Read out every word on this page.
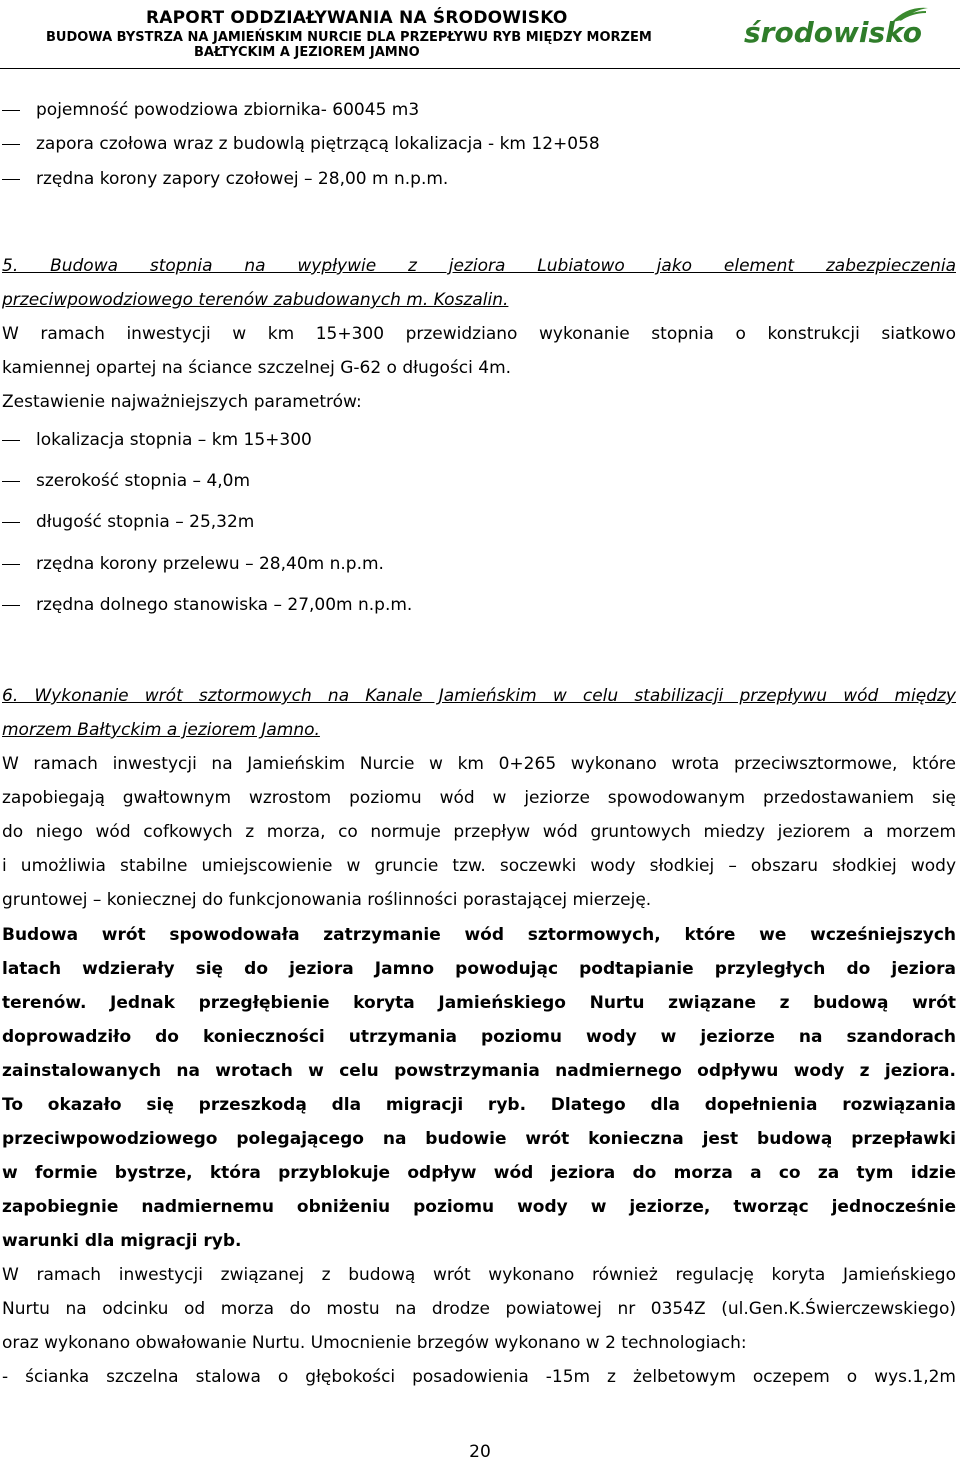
RAPORT ODDZIAŁYWANIA NA ŚRODOWISKO
BUDOWA BYSTRZA NA JAMIEŃSKIM NURCIE DLA PRZEPŁYWU RYB MIĘDZY MORZEM
BAŁTYCKIM A JEZIOREM JAMNO
środowisko
pojemność powodziowa zbiornika- 60045 m3
zapora czołowa wraz z budowlą piętrzącą lokalizacja - km 12+058
rzędna korony zapory czołowej – 28,00 m n.p.m.
5. Budowa stopnia na wypływie z jeziora Lubiatowo jako element zabezpieczenia
przeciwpowodziowego terenów zabudowanych m. Koszalin.
W ramach inwestycji w km 15+300 przewidziano wykonanie stopnia o konstrukcji siatkowo
kamiennej opartej na ściance szczelnej G-62 o długości 4m.
Zestawienie najważniejszych parametrów:
lokalizacja stopnia – km 15+300
szerokość stopnia – 4,0m
długość stopnia – 25,32m
rzędna korony przelewu – 28,40m n.p.m.
rzędna dolnego stanowiska – 27,00m n.p.m.
6. Wykonanie wrót sztormowych na Kanale Jamieńskim w celu stabilizacji przepływu wód między
morzem Bałtyckim a jeziorem Jamno.
W ramach inwestycji na Jamieńskim Nurcie w km 0+265 wykonano wrota przeciwsztormowe, które
zapobiegają gwałtownym wzrostom poziomu wód w jeziorze spowodowanym przedostawaniem się
do niego wód cofkowych z morza, co normuje przepływ wód gruntowych miedzy jeziorem a morzem
i umożliwia stabilne umiejscowienie w gruncie tzw. soczewki wody słodkiej – obszaru słodkiej wody
gruntowej – koniecznej do funkcjonowania roślinności porastającej mierzeję.
Budowa wrót spowodowała zatrzymanie wód sztormowych, które we wcześniejszych
latach wdzierały się do jeziora Jamno powodując podtapianie przyległych do jeziora
terenów. Jednak przegłębienie koryta Jamieńskiego Nurtu związane z budową wrót
doprowadziło do konieczności utrzymania poziomu wody w jeziorze na szandorach
zainstalowanych na wrotach w celu powstrzymania nadmiernego odpływu wody z jeziora.
To okazało się przeszkodą dla migracji ryb. Dlatego dla dopełnienia rozwiązania
przeciwpowodziowego polegającego na budowie wrót konieczna jest budową przepławki
w formie bystrze, która przyblokuje odpływ wód jeziora do morza a co za tym idzie
zapobiegnie nadmiernemu obniżeniu poziomu wody w jeziorze, tworząc jednocześnie
warunki dla migracji ryb.
W ramach inwestycji związanej z budową wrót wykonano również regulację koryta Jamieńskiego
Nurtu na odcinku od morza do mostu na drodze powiatowej nr 0354Z (ul.Gen.K.Świerczewskiego)
oraz wykonano obwałowanie Nurtu. Umocnienie brzegów wykonano w 2 technologiach:
- ścianka szczelna stalowa o głębokości posadowienia -15m z żelbetowym oczepem o wys.1,2m
20
